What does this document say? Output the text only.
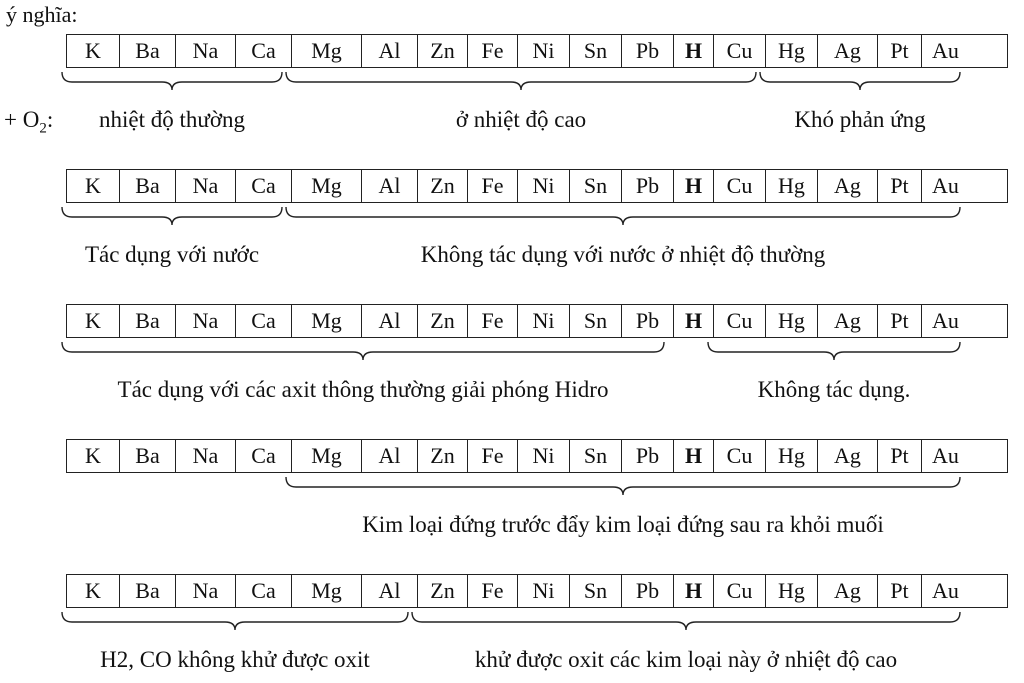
ý nghĩa:
+ $O_2$:
K	Ba	Na	Ca	Mg	Al	Zn	Fe	Ni	Sn	Pb	H	Cu	Hg	Ag	Pt	Au
nhiệt độ thường	ở nhiệt độ cao	Khó phản ứng
K	Ba	Na	Ca	Mg	Al	Zn	Fe	Ni	Sn	Pb	H	Cu	Hg	Ag	Pt	Au
Tác dụng với nước	Không tác dụng với nước ở nhiệt độ thường
K	Ba	Na	Ca	Mg	Al	Zn	Fe	Ni	Sn	Pb	H	Cu	Hg	Ag	Pt	Au
Tác dụng với các axit thông thường giải phóng Hidro	Không tác dụng.
K	Ba	Na	Ca	Mg	Al	Zn	Fe	Ni	Sn	Pb	H	Cu	Hg	Ag	Pt	Au
Kim loại đứng trước đẩy kim loại đứng sau ra khỏi muối
K	Ba	Na	Ca	Mg	Al	Zn	Fe	Ni	Sn	Pb	H	Cu	Hg	Ag	Pt	Au
H2, CO không khử được oxit	khử được oxit các kim loại này ở nhiệt độ cao
